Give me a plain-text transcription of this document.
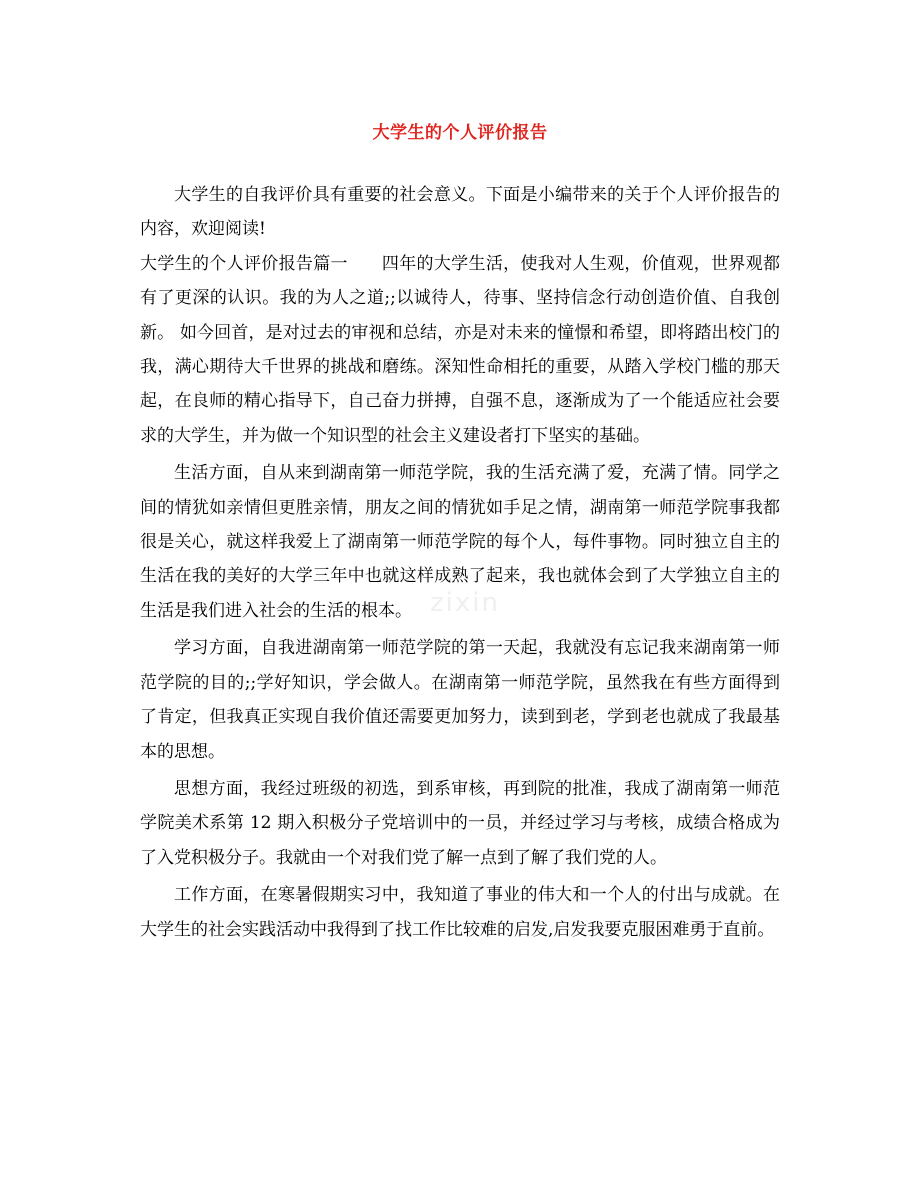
大学生的个人评价报告

大学生的自我评价具有重要的社会意义。下面是小编带来的关于个人评价报告的内容，欢迎阅读!

大学生的个人评价报告篇一 四年的大学生活，使我对人生观，价值观，世界观都有了更深的认识。我的为人之道;;以诚待人，待事、坚持信念行动创造价值、自我创新。 如今回首，是对过去的审视和总结，亦是对未来的憧憬和希望，即将踏出校门的我，满心期待大千世界的挑战和磨练。深知性命相托的重要，从踏入学校门槛的那天起，在良师的精心指导下，自己奋力拼搏，自强不息，逐渐成为了一个能适应社会要求的大学生，并为做一个知识型的社会主义建设者打下坚实的基础。

生活方面，自从来到湖南第一师范学院，我的生活充满了爱，充满了情。同学之间的情犹如亲情但更胜亲情，朋友之间的情犹如手足之情，湖南第一师范学院事我都很是关心，就这样我爱上了湖南第一师范学院的每个人，每件事物。同时独立自主的生活在我的美好的大学三年中也就这样成熟了起来，我也就体会到了大学独立自主的生活是我们进入社会的生活的根本。

学习方面，自我进湖南第一师范学院的第一天起，我就没有忘记我来湖南第一师范学院的目的;;学好知识，学会做人。在湖南第一师范学院，虽然我在有些方面得到了肯定，但我真正实现自我价值还需要更加努力，读到到老，学到老也就成了我最基本的思想。

思想方面，我经过班级的初选，到系审核，再到院的批准，我成了湖南第一师范学院美术系第 12 期入积极分子党培训中的一员，并经过学习与考核，成绩合格成为了入党积极分子。我就由一个对我们党了解一点到了解了我们党的人。

工作方面，在寒暑假期实习中，我知道了事业的伟大和一个人的付出与成就。在大学生的社会实践活动中我得到了找工作比较难的启发,启发我要克服困难勇于直前。

zixin
